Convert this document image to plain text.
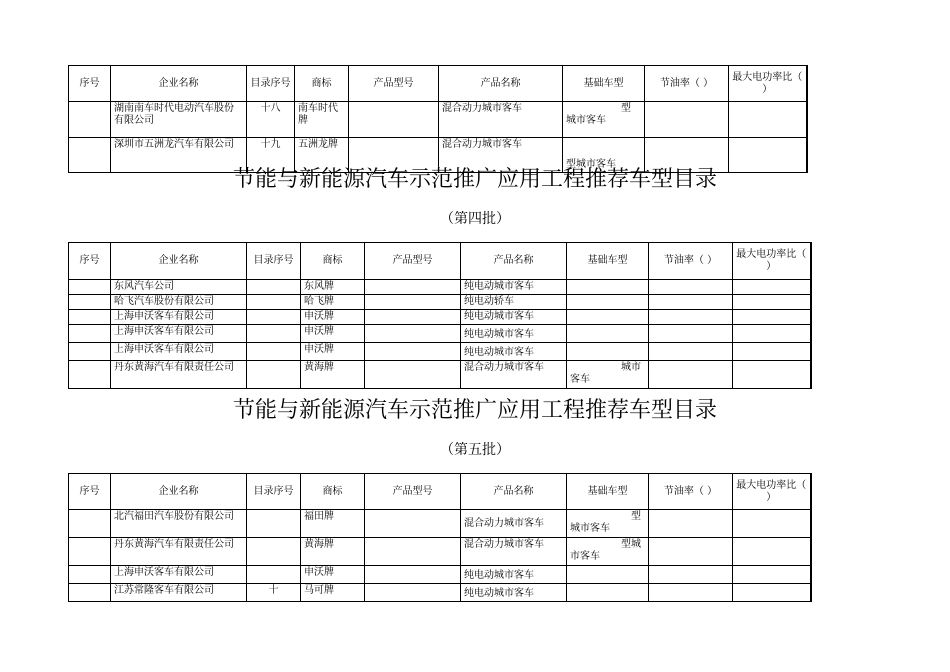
序号	企业名称	目录序号	商标	产品型号	产品名称	基础车型	节油率（ ）	最大电功率比（ ）
	湖南南车时代电动汽车股份有限公司	十八	南车时代牌		混合动力城市客车	型
城市客车		

	深圳市五洲龙汽车有限公司	十九	五洲龙牌		混合动力城市客车	型城市客车		
节能与新能源汽车示范推广应用工程推荐车型目录
（第四批）
序号	企业名称	目录序号	商标	产品型号	产品名称	基础车型	节油率（ ）	最大电功率比（ ）
	东风汽车公司		东风牌		纯电动城市客车			
	哈飞汽车股份有限公司		哈飞牌		纯电动轿车			
	上海申沃客车有限公司		申沃牌		纯电动城市客车			
	上海申沃客车有限公司		申沃牌		纯电动城市客车			
	上海申沃客车有限公司		申沃牌		纯电动城市客车			
	丹东黄海汽车有限责任公司		黄海牌		混合动力城市客车	城市
客车		

节能与新能源汽车示范推广应用工程推荐车型目录
（第五批）
序号	企业名称	目录序号	商标	产品型号	产品名称	基础车型	节油率（ ）	最大电功率比（ ）
	北汽福田汽车股份有限公司		福田牌		混合动力城市客车	型
城市客车		

	丹东黄海汽车有限责任公司		黄海牌		混合动力城市客车	型城
市客车		

	上海申沃客车有限公司		申沃牌		纯电动城市客车			
	江苏常隆客车有限公司	十	马可牌		纯电动城市客车			
